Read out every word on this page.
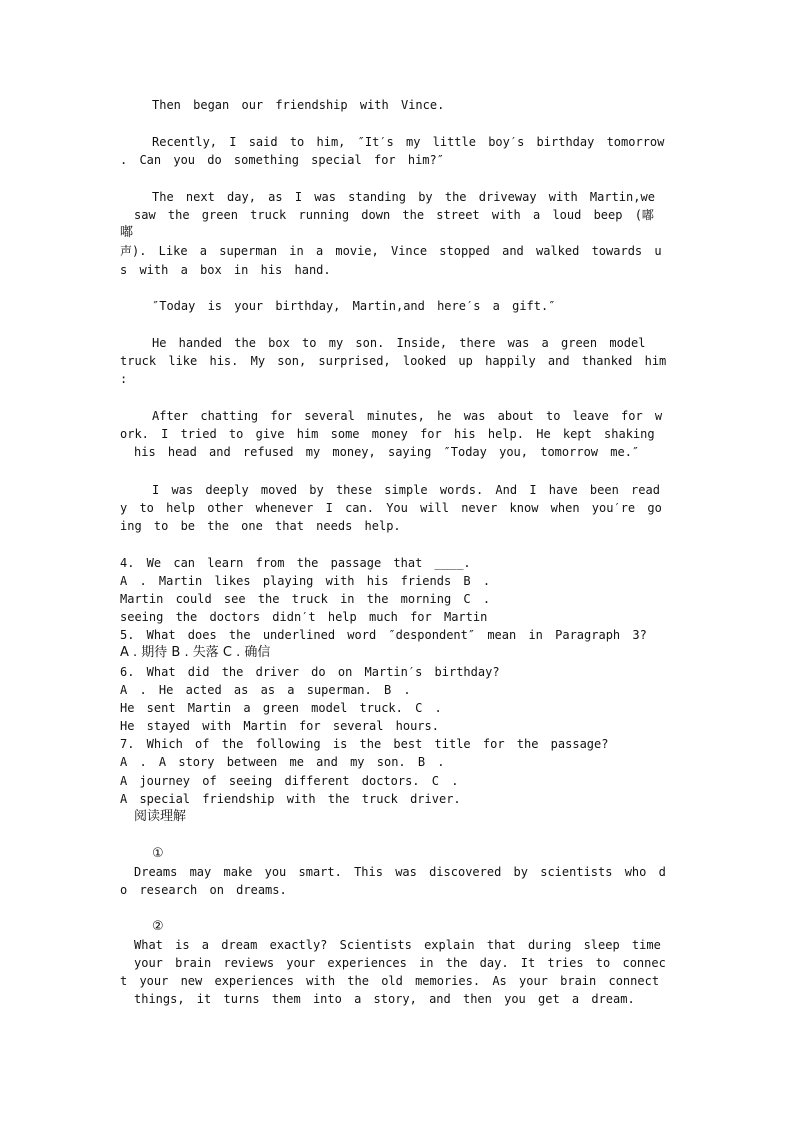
Then began our friendship with Vince.
Recently, I said to him, ″It′s my little boy′s birthday tomorrow
. Can you do something special for him?″
The next day, as I was standing by the driveway with Martin,we
saw the green truck running down the street with a loud beep (嘟
嘟
声). Like a superman in a movie, Vince stopped and walked towards u
s with a box in his hand.
″Today is your birthday, Martin,and here′s a gift.″
He handed the box to my son. Inside, there was a green model
truck like his. My son, surprised, looked up happily and thanked him
:
After chatting for several minutes, he was about to leave for w
ork. I tried to give him some money for his help. He kept shaking
his head and refused my money, saying ″Today you, tomorrow me.″
I was deeply moved by these simple words. And I have been read
y to help other whenever I can. You will never know when you′re go
ing to be the one that needs help.
4. We can learn from the passage that ____.
A . Martin likes playing with his friends B .
Martin could see the truck in the morning C .
seeing the doctors didn′t help much for Martin
5. What does the underlined word ″despondent″ mean in Paragraph 3?
A . 期待 B . 失落 C . 确信
6. What did the driver do on Martin′s birthday?
A . He acted as as a superman. B .
He sent Martin a green model truck. C .
He stayed with Martin for several hours.
7. Which of the following is the best title for the passage?
A . A story between me and my son. B .
A journey of seeing different doctors. C .
A special friendship with the truck driver.
阅读理解
①
Dreams may make you smart. This was discovered by scientists who d
o research on dreams.
②
What is a dream exactly? Scientists explain that during sleep time
your brain reviews your experiences in the day. It tries to connec
t your new experiences with the old memories. As your brain connect
things, it turns them into a story, and then you get a dream.
